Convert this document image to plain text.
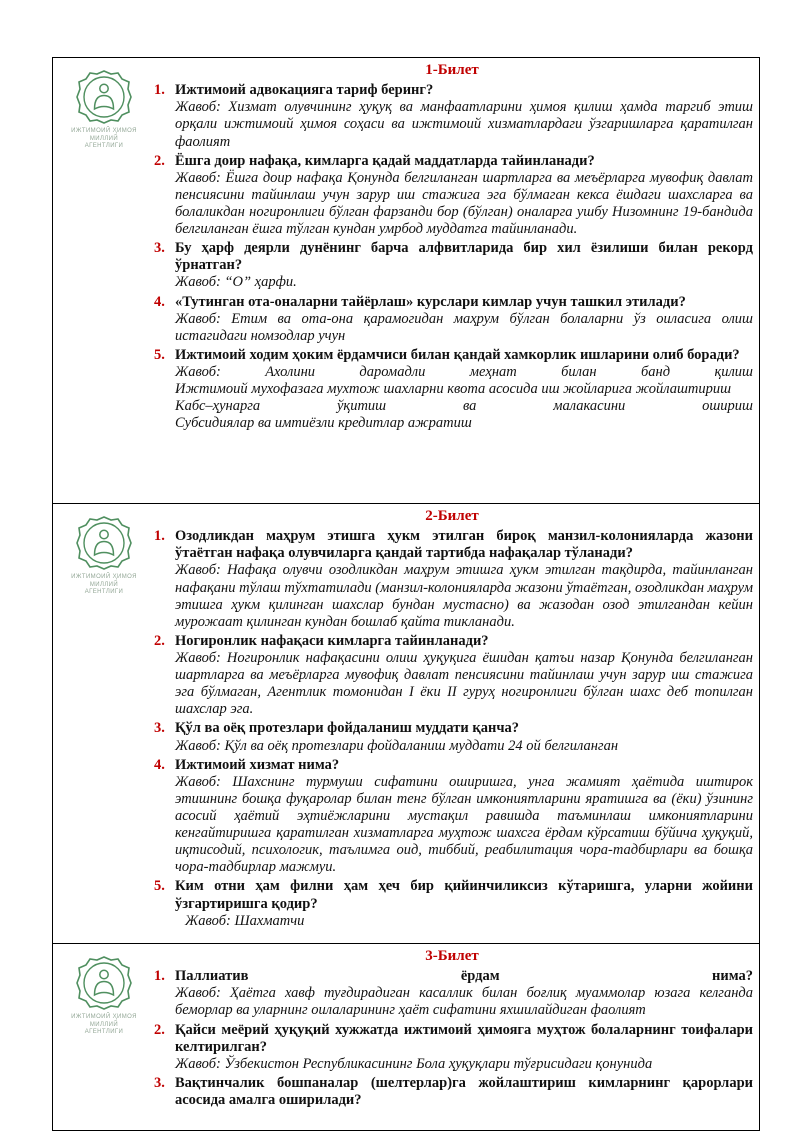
ИЖТИМОИЙ ҲИМОЯ МИЛЛИЙ
АГЕНТЛИГИ
1-Билет
1. Ижтимоий адвокацияга тариф беринг?
Жавоб: Хизмат олувчининг ҳуқуқ ва манфаатларини ҳимоя қилиш ҳамда таргиб этиш орқали ижтимоий ҳимоя соҳаси ва ижтимоий хизматлардаги ўзгаришларга қаратилган фаолият
2. Ёшга доир нафақа, кимларга қадай маддатларда тайинланади?
Жавоб: Ёшга доир нафақа Қонунда белгиланган шартларга ва меъёрларга мувофиқ давлат пенсиясини тайинлаш учун зарур иш стажига эга бўлмаган кекса ёшдаги шахсларга ва болаликдан ногиронлиги бўлган фарзанди бор (бўлган) оналарга ушбу Низомнинг 19-бандида белгиланган ёшга тўлган кундан умрбод муддатга тайинланади.
3. Бу ҳарф деярли дунёнинг барча алфвитларида бир хил ёзилиши билан рекорд ўрнатган?
Жавоб: “О” ҳарфи.
4. «Тутинган ота-оналарни тайёрлаш» курслари кимлар учун ташкил этилади?
Жавоб: Етим ва ота-она қарамогидан маҳрум бўлган болаларни ўз оиласига олиш истагидаги номзодлар учун
5. Ижтимоий ходим ҳоким ёрдамчиси билан қандай хамкорлик ишларини олиб боради?
Жавоб: Ахолини даромадли меҳнат билан банд қилиш
Ижтимоий мухофазага мухтож шахларни квота асосида иш жойларига жойлаштириш
Кабс–ҳунарга ўқитиш ва малакасини ошириш
Субсидиялар ва имтиёзли кредитлар ажратиш
ИЖТИМОИЙ ҲИМОЯ МИЛЛИЙ
АГЕНТЛИГИ
2-Билет
1. Озодликдан маҳрум этишга ҳукм этилган бироқ манзил-колонияларда жазони ўтаётган нафақа олувчиларга қандай тартибда нафақалар тўланади?
Жавоб: Нафақа олувчи озодликдан маҳрум этишга ҳукм этилган тақдирда, тайинланган нафақани тўлаш тўхтатилади (манзил-колонияларда жазони ўтаётган, озодликдан маҳрум этишга ҳукм қилинган шахслар бундан мустасно) ва жазодан озод этилгандан кейин мурожаат қилинган кундан бошлаб қайта тикланади.
2. Ногиронлик нафақаси кимларга тайинланади?
Жавоб: Ногиронлик нафақасини олиш ҳуқуқига ёшидан қатъи назар Қонунда белгиланган шартларга ва меъёрларга мувофиқ давлат пенсиясини тайинлаш учун зарур иш стажига эга бўлмаган, Агентлик томонидан I ёки II гуруҳ ногиронлиги бўлган шахс деб топилган шахслар эга.
3. Қўл ва оёқ протезлари фойдаланиш муддати қанча?
Жавоб: Қўл ва оёқ протезлари фойдаланиш муддати 24 ой белгиланган
4. Ижтимоий хизмат нима?
Жавоб: Шахснинг турмуши сифатини оширишга, унга жамият ҳаётида иштирок этишнинг бошқа фуқаролар билан тенг бўлган имкониятларини яратишга ва (ёки) ўзининг асосий ҳаётий эҳтиёжларини мустақил равишда таъминлаш имкониятларини кенгайтиришга қаратилган хизматларга муҳтож шахсга ёрдам кўрсатиш бўйича ҳуқуқий, иқтисодий, психологик, таълимга оид, тиббий, реабилитация чора-тадбирлари ва бошқа чора-тадбирлар мажмуи.
5. Ким отни ҳам филни ҳам ҳеч бир қийинчиликсиз кўтаришга, уларни жойини ўзгартиришга қодир?
Жавоб: Шахматчи
ИЖТИМОИЙ ҲИМОЯ МИЛЛИЙ
АГЕНТЛИГИ
3-Билет
1. Паллиатив ёрдам нима?
Жавоб: Ҳаётга хавф туғдирадиган касаллик билан боғлиқ муаммолар юзага келганда беморлар ва уларнинг оилаларининг ҳаёт сифатини яхшилайдиган фаолият
2. Қайси меёрий ҳуқуқий хужжатда ижтимоий ҳимояга муҳтож болаларнинг тоифалари келтирилган?
Жавоб: Ўзбекистон Республикасининг Бола ҳуқуқлари тўғрисидаги қонунида
3. Вақтинчалик бошпаналар (шелтерлар)га жойлаштириш кимларнинг қарорлари асосида амалга оширилади?
